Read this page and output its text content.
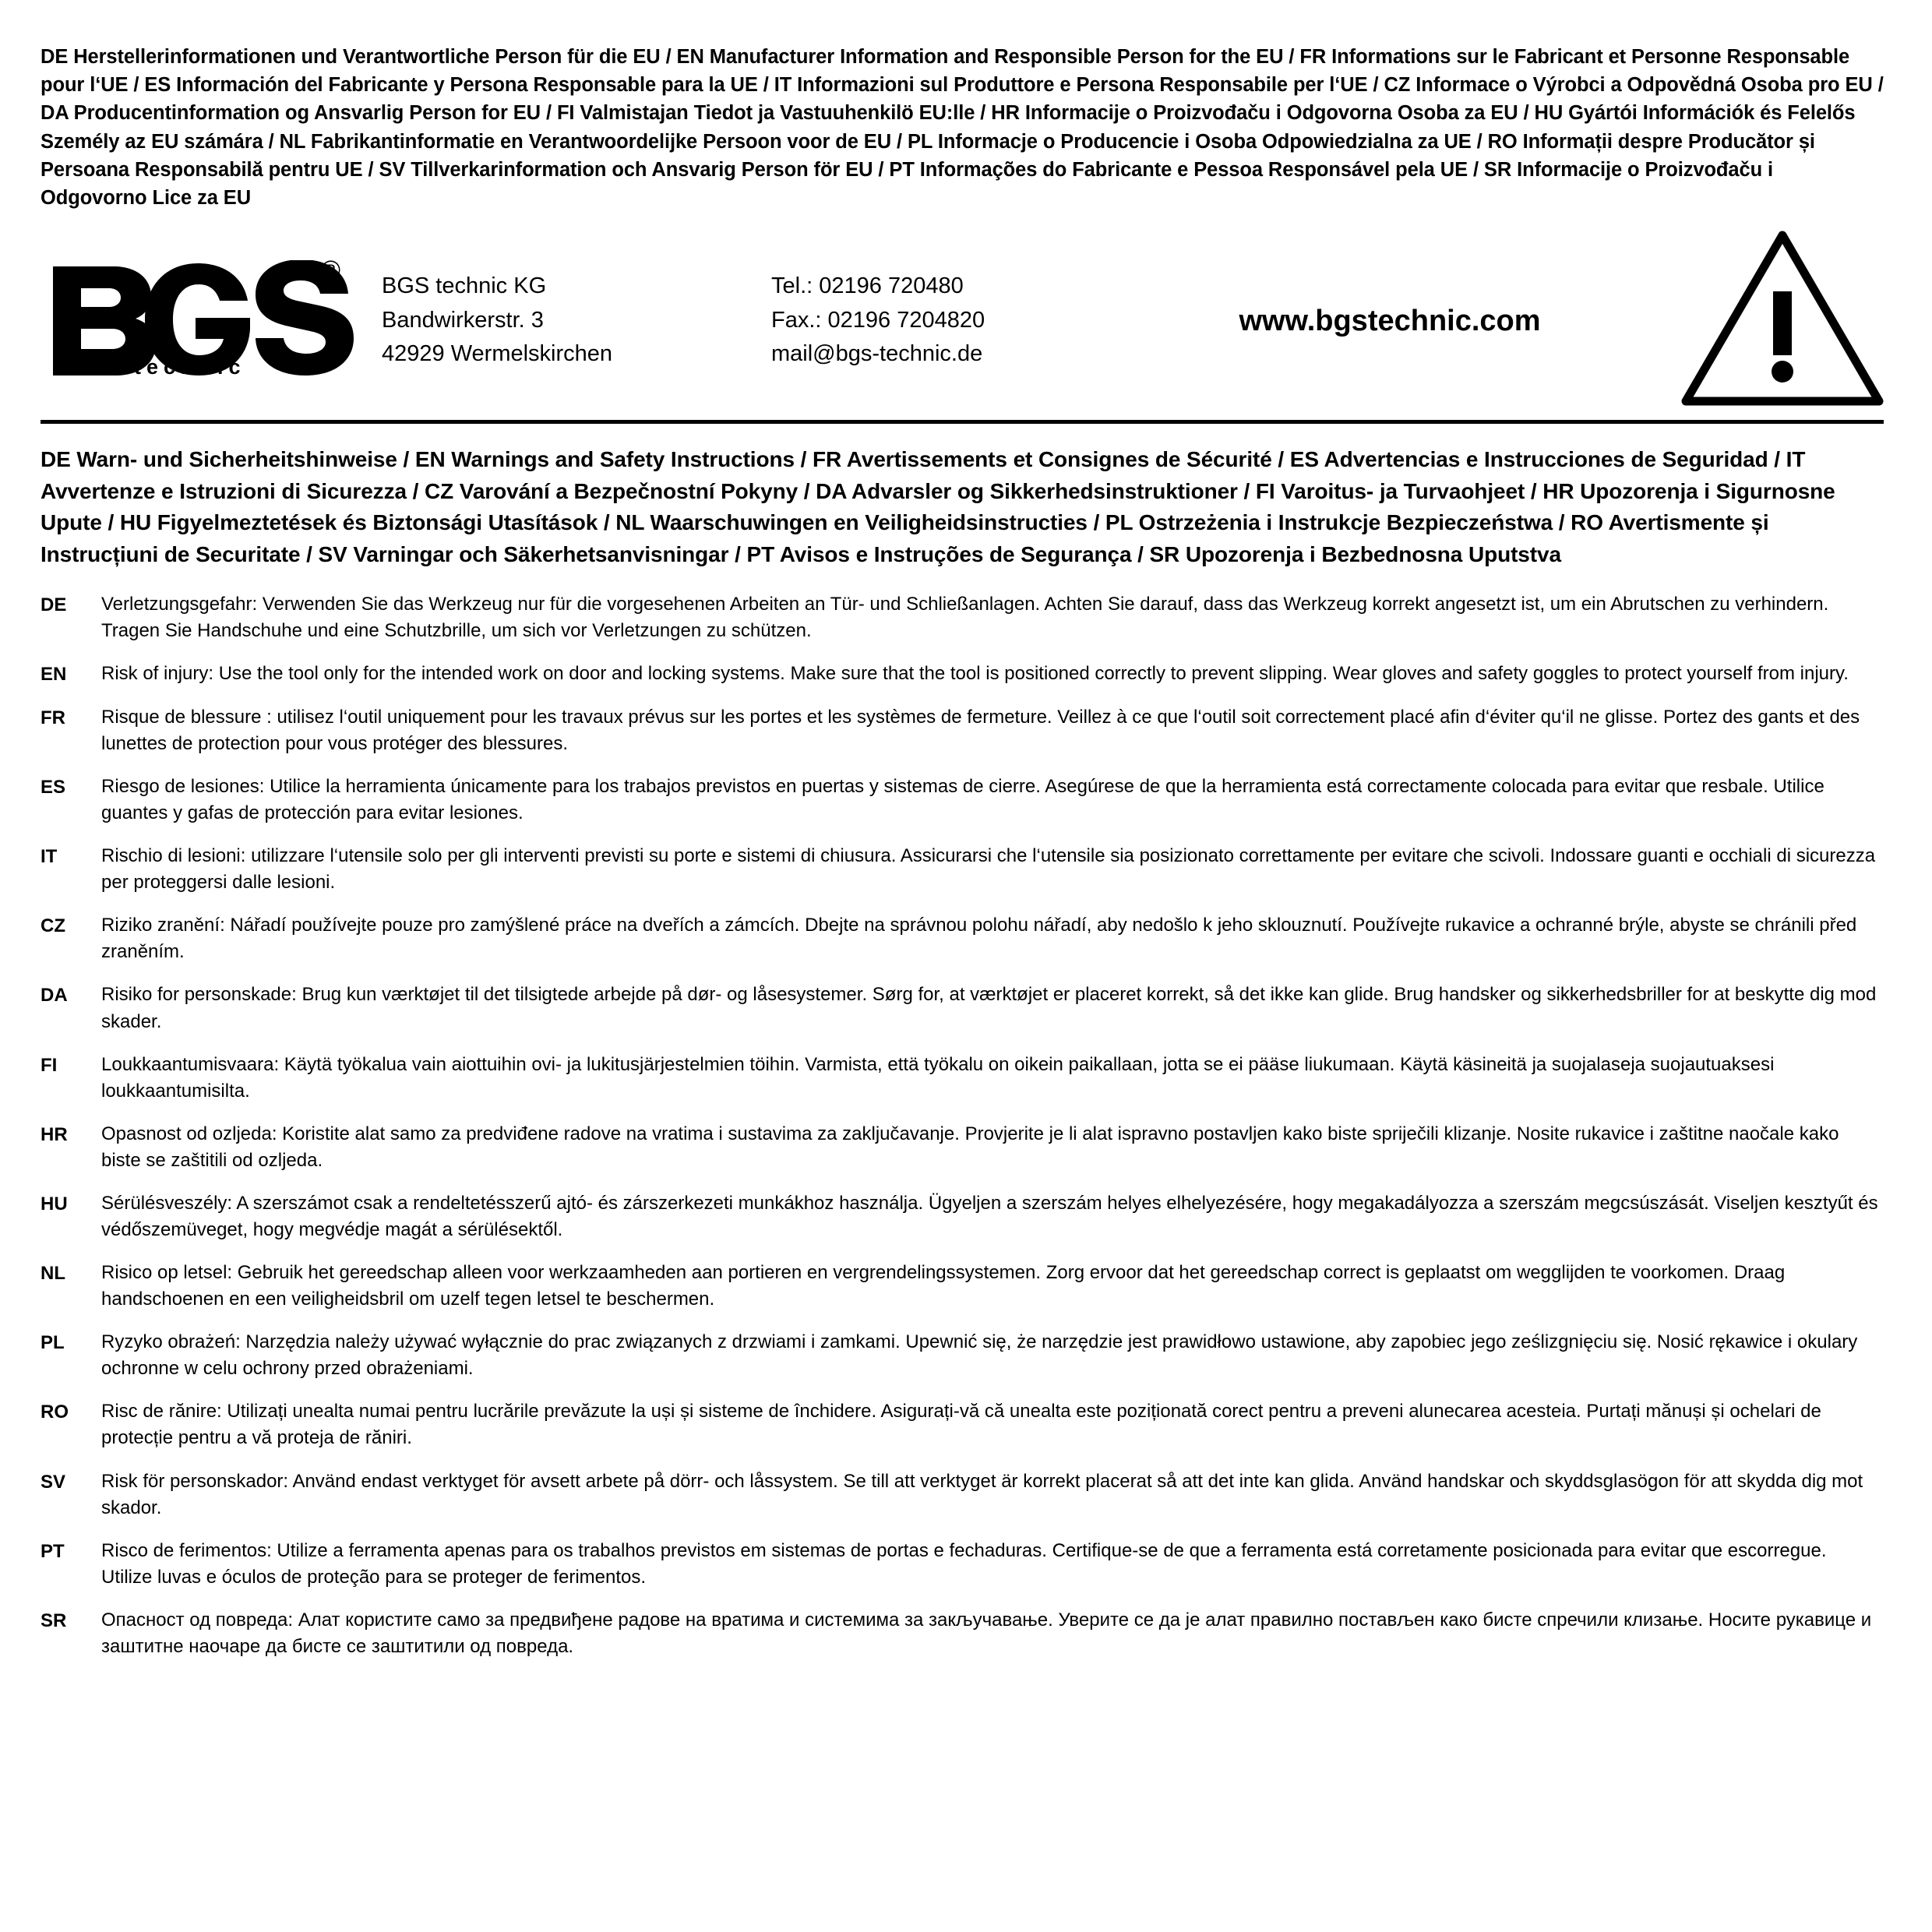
DE Herstellerinformationen und Verantwortliche Person für die EU / EN Manufacturer Information and Responsible Person for the EU / FR Informations sur le Fabricant et Personne Responsable pour l‘UE / ES Información del Fabricante y Persona Responsable para la UE / IT Informazioni sul Produttore e Persona Responsabile per l‘UE / CZ Informace o Výrobci a Odpovědná Osoba pro EU / DA Producentinformation og Ansvarlig Person for EU / FI Valmistajan Tiedot ja Vastuuhenkilö EU:lle / HR Informacije o Proizvođaču i Odgovorna Osoba za EU / HU Gyártói Információk és Felelős Személy az EU számára / NL Fabrikantinformatie en Verantwoordelijke Persoon voor de EU / PL Informacje o Producencie i Osoba Odpowiedzialna za UE / RO Informații despre Producător și Persoana Responsabilă pentru UE / SV Tillverkarinformation och Ansvarig Person för EU / PT Informações do Fabricante e Pessoa Responsável pela UE / SR Informacije o Proizvođaču i Odgovorno Lice za EU
®
technic
BGS technic KG
Bandwirkerstr. 3
42929 Wermelskirchen
Tel.: 02196 720480
Fax.: 02196 7204820
mail@bgs-technic.de
www.bgstechnic.com
DE Warn- und Sicherheitshinweise / EN Warnings and Safety Instructions / FR Avertissements et Consignes de Sécurité / ES Advertencias e Instrucciones de Seguridad / IT Avvertenze e Istruzioni di Sicurezza / CZ Varování a Bezpečnostní Pokyny / DA Advarsler og Sikkerhedsinstruktioner / FI Varoitus- ja Turvaohjeet / HR Upozorenja i Sigurnosne Upute / HU Figyelmeztetések és Biztonsági Utasítások / NL Waarschuwingen en Veiligheidsinstructies / PL Ostrzeżenia i Instrukcje Bezpieczeństwa / RO Avertismente și Instrucțiuni de Securitate / SV Varningar och Säkerhetsanvisningar / PT Avisos e Instruções de Segurança / SR Upozorenja i Bezbednosna Uputstva
DE	Verletzungsgefahr: Verwenden Sie das Werkzeug nur für die vorgesehenen Arbeiten an Tür- und Schließanlagen. Achten Sie darauf, dass das Werkzeug korrekt angesetzt ist, um ein Abrutschen zu verhindern. Tragen Sie Handschuhe und eine Schutzbrille, um sich vor Verletzungen zu schützen.
EN	Risk of injury: Use the tool only for the intended work on door and locking systems. Make sure that the tool is positioned correctly to prevent slipping. Wear gloves and safety goggles to protect yourself from injury.
FR	Risque de blessure : utilisez l‘outil uniquement pour les travaux prévus sur les portes et les systèmes de fermeture. Veillez à ce que l‘outil soit correctement placé afin d‘éviter qu‘il ne glisse. Portez des gants et des lunettes de protection pour vous protéger des blessures.
ES	Riesgo de lesiones: Utilice la herramienta únicamente para los trabajos previstos en puertas y sistemas de cierre. Asegúrese de que la herramienta está correctamente colocada para evitar que resbale. Utilice guantes y gafas de protección para evitar lesiones.
IT	Rischio di lesioni: utilizzare l‘utensile solo per gli interventi previsti su porte e sistemi di chiusura. Assicurarsi che l‘utensile sia posizionato correttamente per evitare che scivoli. Indossare guanti e occhiali di sicurezza per proteggersi dalle lesioni.
CZ	Riziko zranění: Nářadí používejte pouze pro zamýšlené práce na dveřích a zámcích. Dbejte na správnou polohu nářadí, aby nedošlo k jeho sklouznutí. Používejte rukavice a ochranné brýle, abyste se chránili před zraněním.
DA	Risiko for personskade: Brug kun værktøjet til det tilsigtede arbejde på dør- og låsesystemer. Sørg for, at værktøjet er placeret korrekt, så det ikke kan glide. Brug handsker og sikkerhedsbriller for at beskytte dig mod skader.
FI	Loukkaantumisvaara: Käytä työkalua vain aiottuihin ovi- ja lukitusjärjestelmien töihin. Varmista, että työkalu on oikein paikallaan, jotta se ei pääse liukumaan. Käytä käsineitä ja suojalaseja suojautuaksesi loukkaantumisilta.
HR	Opasnost od ozljeda: Koristite alat samo za predviđene radove na vratima i sustavima za zaključavanje. Provjerite je li alat ispravno postavljen kako biste spriječili klizanje. Nosite rukavice i zaštitne naočale kako biste se zaštitili od ozljeda.
HU	Sérülésveszély: A szerszámot csak a rendeltetésszerű ajtó- és zárszerkezeti munkákhoz használja. Ügyeljen a szerszám helyes elhelyezésére, hogy megakadályozza a szerszám megcsúszását. Viseljen kesztyűt és védőszemüveget, hogy megvédje magát a sérülésektől.
NL	Risico op letsel: Gebruik het gereedschap alleen voor werkzaamheden aan portieren en vergrendelingssystemen. Zorg ervoor dat het gereedschap correct is geplaatst om wegglijden te voorkomen. Draag handschoenen en een veiligheidsbril om uzelf tegen letsel te beschermen.
PL	Ryzyko obrażeń: Narzędzia należy używać wyłącznie do prac związanych z drzwiami i zamkami. Upewnić się, że narzędzie jest prawidłowo ustawione, aby zapobiec jego ześlizgnięciu się. Nosić rękawice i okulary ochronne w celu ochrony przed obrażeniami.
RO	Risc de rănire: Utilizați unealta numai pentru lucrările prevăzute la uși și sisteme de închidere. Asigurați-vă că unealta este poziționată corect pentru a preveni alunecarea acesteia. Purtați mănuși și ochelari de protecție pentru a vă proteja de răniri.
SV	Risk för personskador: Använd endast verktyget för avsett arbete på dörr- och låssystem. Se till att verktyget är korrekt placerat så att det inte kan glida. Använd handskar och skyddsglasögon för att skydda dig mot skador.
PT	Risco de ferimentos: Utilize a ferramenta apenas para os trabalhos previstos em sistemas de portas e fechaduras. Certifique-se de que a ferramenta está corretamente posicionada para evitar que escorregue. Utilize luvas e óculos de proteção para se proteger de ferimentos.
SR	Опасност од повреда: Алат користите само за предвиђене радове на вратима и системима за закључавање. Уверите се да је алат правилно постављен како бисте спречили клизање. Носите рукавице и заштитне наочаре да бисте се заштитили од повреда.
